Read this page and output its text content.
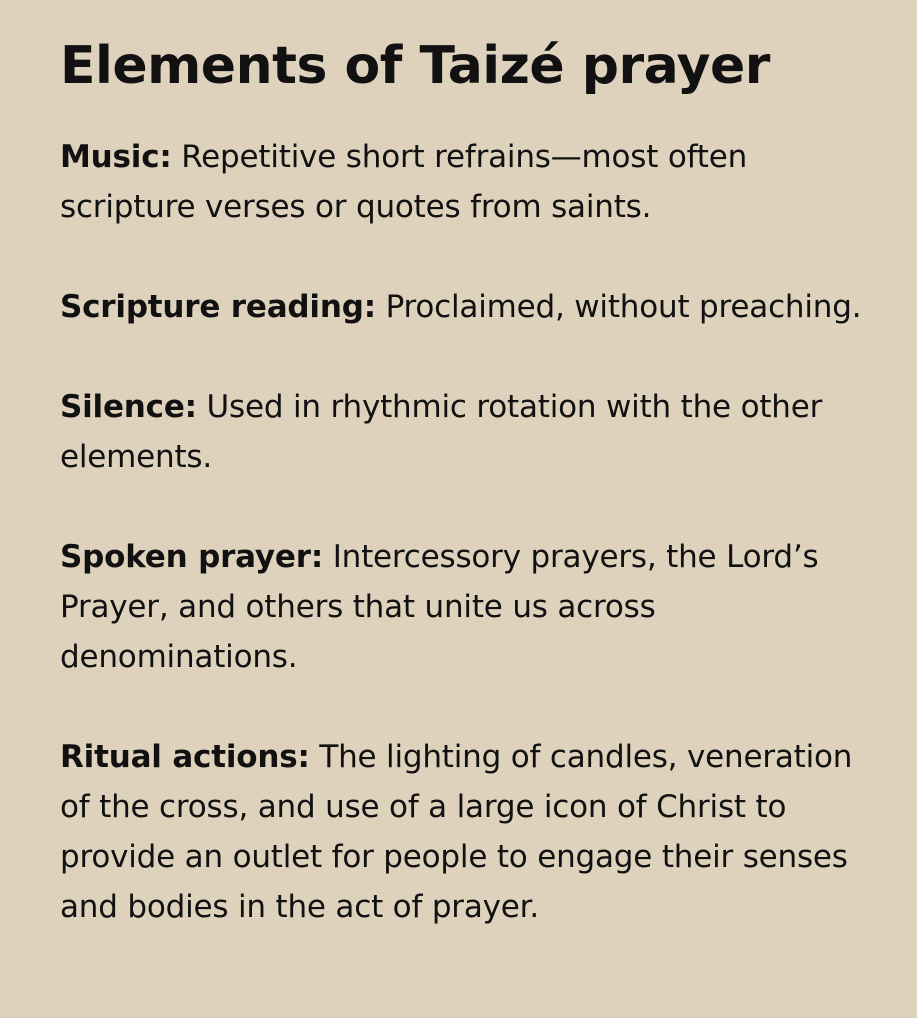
Elements of Taizé prayer

Music: Repetitive short refrains—most often scripture verses or quotes from saints.

Scripture reading: Proclaimed, without preaching.

Silence: Used in rhythmic rotation with the other elements.

Spoken prayer: Intercessory prayers, the Lord’s Prayer, and others that unite us across denominations.

Ritual actions: The lighting of candles, veneration of the cross, and use of a large icon of Christ to provide an outlet for people to engage their senses and bodies in the act of prayer.
